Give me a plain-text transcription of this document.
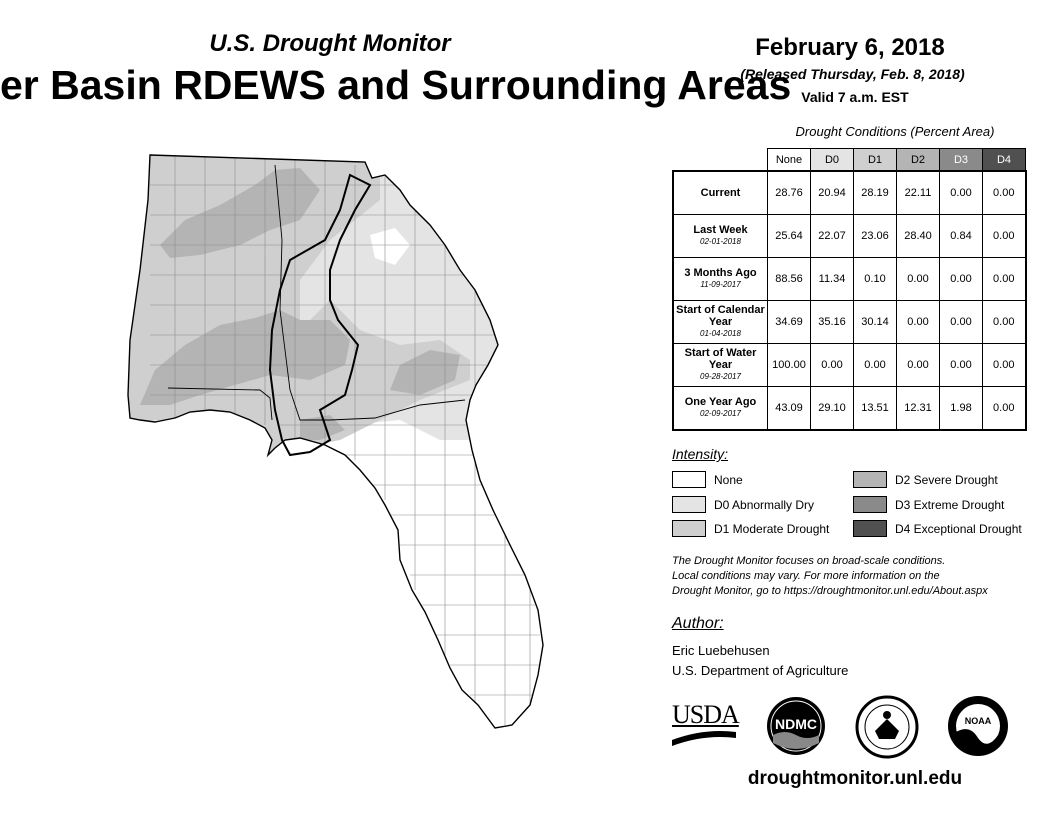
U.S. Drought Monitor
er Basin RDEWS and Surrounding Areas
February 6, 2018
(Released Thursday, Feb. 8, 2018)
Valid 7 a.m. EST
Drought Conditions (Percent Area)
	None	D0	D1	D2	D3	D4
Current	28.76	20.94	28.19	22.11	0.00	0.00
Last Week
02-01-2018	25.64	22.07	23.06	28.40	0.84	0.00
3 Months Ago
11-09-2017	88.56	11.34	0.10	0.00	0.00	0.00
Start of Calendar Year
01-04-2018	34.69	35.16	30.14	0.00	0.00	0.00
Start of Water Year
09-28-2017	100.00	0.00	0.00	0.00	0.00	0.00
One Year Ago
02-09-2017	43.09	29.10	13.51	12.31	1.98	0.00
Intensity:
None
D0 Abnormally Dry
D1 Moderate Drought
D2 Severe Drought
D3 Extreme Drought
D4 Exceptional Drought
The Drought Monitor focuses on broad-scale conditions.
Local conditions may vary. For more information on the
Drought Monitor, go to https://droughtmonitor.unl.edu/About.aspx
Author:
Eric Luebehusen
U.S. Department of Agriculture
USDA	NDMC	NOAA
droughtmonitor.unl.edu
